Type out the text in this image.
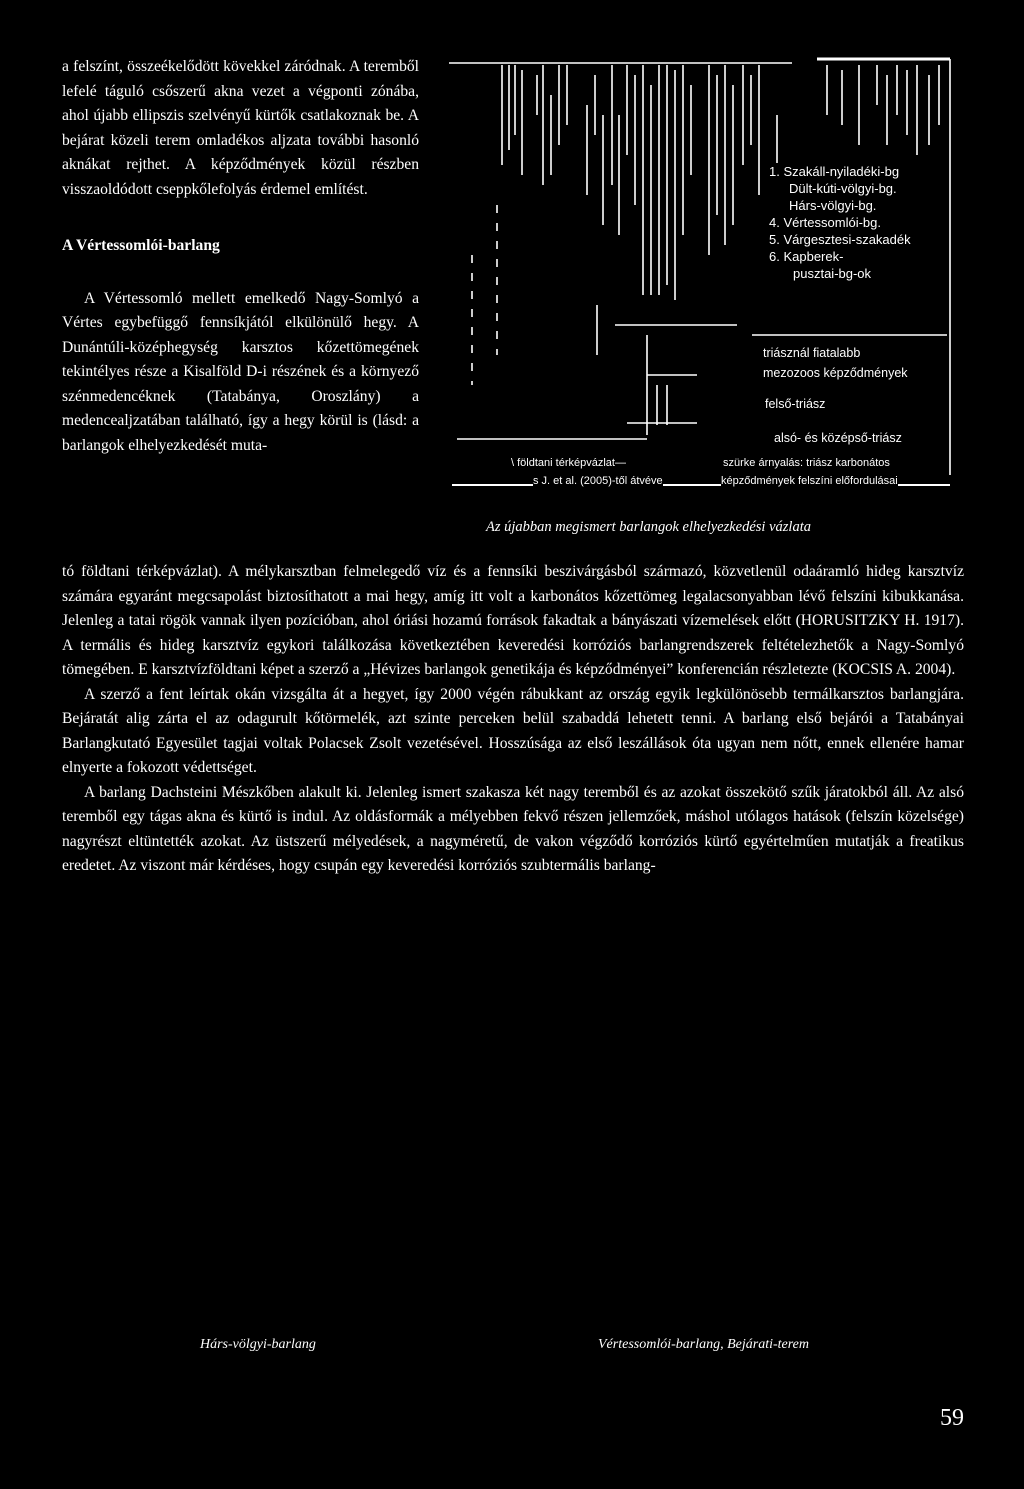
a felszínt, összeékelődött kövekkel záródnak. A teremből lefelé táguló csőszerű akna vezet a végponti zónába, ahol újabb ellipszis szelvényű kürtők csatlakoznak be. A bejárat közeli terem omladékos aljzata további hasonló aknákat rejthet. A képződmények közül részben visszaoldódott cseppkőlefolyás érdemel említést.

A Vértessomlói-barlang

A Vértessomló mellett emelkedő Nagy-Somlyó a Vértes egybefüggő fennsíkjától elkülönülő hegy. A Dunántúli-középhegység karsztos kőzettömegének tekintélyes része a Kisalföld D-i részének és a környező szénmedencéknek (Tatabánya, Oroszlány) a medencealjzatában található, így a hegy körül is (lásd: a barlangok elhelyezkedését muta-

1. Szakáll-nyiladéki-bg
Dült-kúti-völgyi-bg.
Hárs-völgyi-bg.
4. Vértessomlói-bg.
5. Várgesztesi-szakadék
6. Kapberek-
pusztai-bg-ok
triásznál fiatalabb
mezozoos képződmények
felső-triász
alsó- és középső-triász
\ földtani térképvázlat—
s J. et al. (2005)-től átvéve
szürke árnyalás: triász karbonátos
képződmények felszíni előfordulásai
Az újabban megismert barlangok elhelyezkedési vázlata

tó földtani térképvázlat). A mélykarsztban felmelegedő víz és a fennsíki beszivárgásból származó, közvetlenül odaáramló hideg karsztvíz számára egyaránt megcsapolást biztosíthatott a mai hegy, amíg itt volt a karbonátos kőzettömeg legalacsonyabban lévő felszíni kibukkanása. Jelenleg a tatai rögök vannak ilyen pozícióban, ahol óriási hozamú források fakadtak a bányászati vízemelések előtt (HORUSITZKY H. 1917). A termális és hideg karsztvíz egykori találkozása következtében keveredési korróziós barlangrendszerek feltételezhetők a Nagy-Somlyó tömegében. E karsztvízföldtani képet a szerző a „Hévizes barlangok genetikája és képződményei” konferencián részletezte (KOCSIS A. 2004).

A szerző a fent leírtak okán vizsgálta át a hegyet, így 2000 végén rábukkant az ország egyik legkülönösebb termálkarsztos barlangjára. Bejáratát alig zárta el az odagurult kőtörmelék, azt szinte perceken belül szabaddá lehetett tenni. A barlang első bejárói a Tatabányai Barlangkutató Egyesület tagjai voltak Polacsek Zsolt vezetésével. Hosszúsága az első leszállások óta ugyan nem nőtt, ennek ellenére hamar elnyerte a fokozott védettséget.

A barlang Dachsteini Mészkőben alakult ki. Jelenleg ismert szakasza két nagy teremből és az azokat összekötő szűk járatokból áll. Az alsó teremből egy tágas akna és kürtő is indul. Az oldásformák a mélyebben fekvő részen jellemzőek, máshol utólagos hatások (felszín közelsége) nagyrészt eltüntették azokat. Az üstszerű mélyedések, a nagyméretű, de vakon végződő korróziós kürtő egyértelműen mutatják a freatikus eredetet. Az viszont már kérdéses, hogy csupán egy keveredési korróziós szubtermális barlang-

Hárs-völgyi-barlang	Vértessomlói-barlang, Bejárati-terem
59
